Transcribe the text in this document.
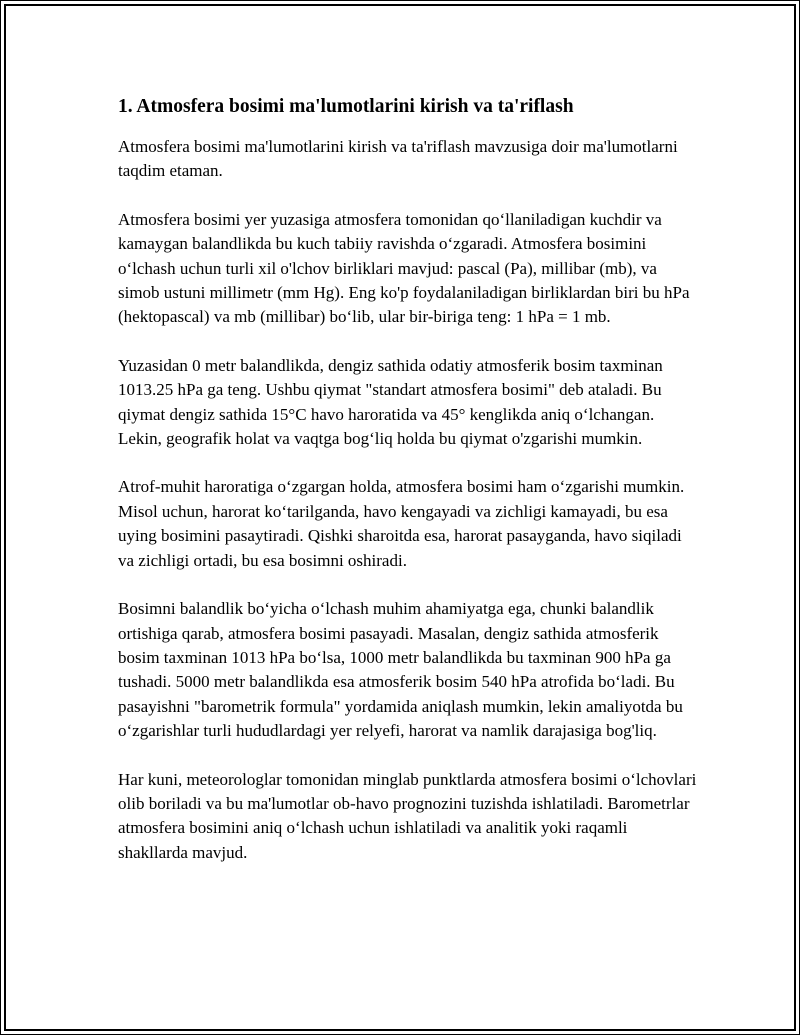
1. Atmosfera bosimi ma'lumotlarini kirish va ta'riflash

Atmosfera bosimi ma'lumotlarini kirish va ta'riflash mavzusiga doir ma'lumotlarni taqdim etaman.

Atmosfera bosimi yer yuzasiga atmosfera tomonidan qo‘llaniladigan kuchdir va kamaygan balandlikda bu kuch tabiiy ravishda o‘zgaradi. Atmosfera bosimini o‘lchash uchun turli xil o'lchov birliklari mavjud: pascal (Pa), millibar (mb), va simob ustuni millimetr (mm Hg). Eng ko'p foydalaniladigan birliklardan biri bu hPa (hektopascal) va mb (millibar) bo‘lib, ular bir-biriga teng: 1 hPa = 1 mb.

Yuzasidan 0 metr balandlikda, dengiz sathida odatiy atmosferik bosim taxminan 1013.25 hPa ga teng. Ushbu qiymat "standart atmosfera bosimi" deb ataladi. Bu qiymat dengiz sathida 15°C havo haroratida va 45° kenglikda aniq o‘lchangan. Lekin, geografik holat va vaqtga bog‘liq holda bu qiymat o'zgarishi mumkin.

Atrof-muhit haroratiga o‘zgargan holda, atmosfera bosimi ham o‘zgarishi mumkin. Misol uchun, harorat ko‘tarilganda, havo kengayadi va zichligi kamayadi, bu esa uying bosimini pasaytiradi. Qishki sharoitda esa, harorat pasayganda, havo siqiladi va zichligi ortadi, bu esa bosimni oshiradi.

Bosimni balandlik bo‘yicha o‘lchash muhim ahamiyatga ega, chunki balandlik ortishiga qarab, atmosfera bosimi pasayadi. Masalan, dengiz sathida atmosferik bosim taxminan 1013 hPa bo‘lsa, 1000 metr balandlikda bu taxminan 900 hPa ga tushadi. 5000 metr balandlikda esa atmosferik bosim 540 hPa atrofida bo‘ladi. Bu pasayishni "barometrik formula" yordamida aniqlash mumkin, lekin amaliyotda bu o‘zgarishlar turli hududlardagi yer relyefi, harorat va namlik darajasiga bog'liq.

Har kuni, meteorologlar tomonidan minglab punktlarda atmosfera bosimi o‘lchovlari olib boriladi va bu ma'lumotlar ob-havo prognozini tuzishda ishlatiladi. Barometrlar atmosfera bosimini aniq o‘lchash uchun ishlatiladi va analitik yoki raqamli shakllarda mavjud.
